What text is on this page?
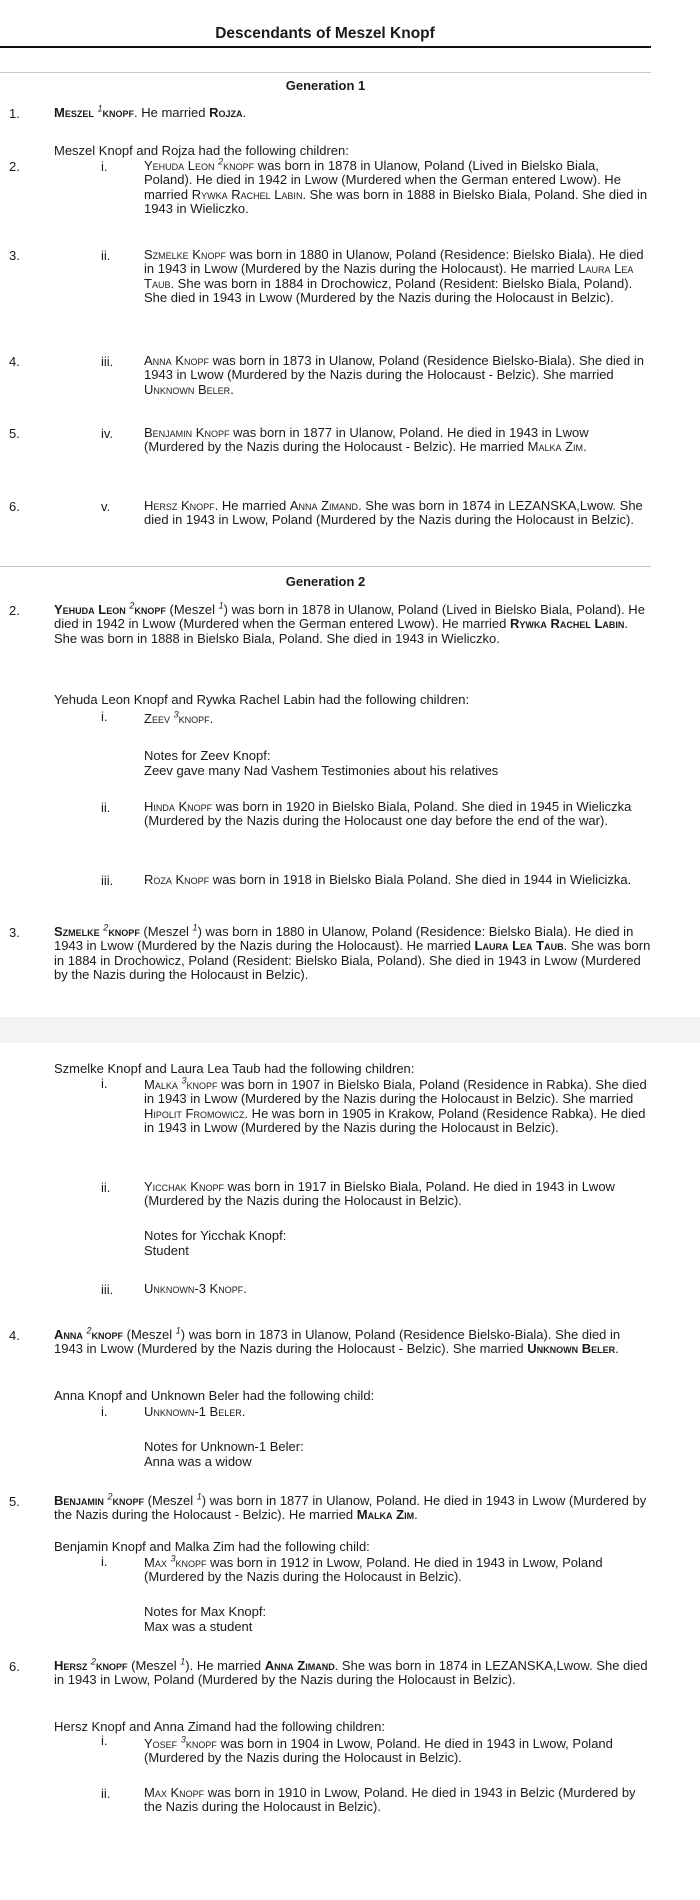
Descendants of Meszel Knopf
Generation 1
1.	Meszel $^1$knopf. He married Rojza.
Meszel Knopf and Rojza had the following children:
2.	i.	Yehuda Leon $^2$knopf was born in 1878 in Ulanow, Poland (Lived in Bielsko Biala, Poland). He died in 1942 in Lwow (Murdered when the German entered Lwow). He married Rywka Rachel Labin. She was born in 1888 in Bielsko Biala, Poland. She died in 1943 in Wieliczko.
3.	ii.	Szmelke Knopf was born in 1880 in Ulanow, Poland (Residence: Bielsko Biala). He died in 1943 in Lwow (Murdered by the Nazis during the Holocaust). He married Laura Lea Taub. She was born in 1884 in Drochowicz, Poland (Resident: Bielsko Biala, Poland). She died in 1943 in Lwow (Murdered by the Nazis during the Holocaust in Belzic).
4.	iii. Anna Knopf was born in 1873 in Ulanow, Poland (Residence Bielsko-Biala). She died in 1943 in Lwow (Murdered by the Nazis during the Holocaust - Belzic). She married Unknown Beler.
5.	iv. Benjamin Knopf was born in 1877 in Ulanow, Poland. He died in 1943 in Lwow (Murdered by the Nazis during the Holocaust - Belzic). He married Malka Zim.
6.	v.	Hersz Knopf. He married Anna Zimand. She was born in 1874 in LEZANSKA,Lwow. She died in 1943 in Lwow, Poland (Murdered by the Nazis during the Holocaust in Belzic).
Generation 2
2.	Yehuda Leon $^2$knopf (Meszel $^1$) was born in 1878 in Ulanow, Poland (Lived in Bielsko Biala, Poland). He died in 1942 in Lwow (Murdered when the German entered Lwow). He married Rywka Rachel Labin. She was born in 1888 in Bielsko Biala, Poland. She died in 1943 in Wieliczko.
Yehuda Leon Knopf and Rywka Rachel Labin had the following children:
i.	Zeev $^3$knopf.
Notes for Zeev Knopf:
Zeev gave many Nad Vashem Testimonies about his relatives
ii.	Hinda Knopf was born in 1920 in Bielsko Biala, Poland. She died in 1945 in Wieliczka (Murdered by the Nazis during the Holocaust one day before the end of the war).
iii. Roza Knopf was born in 1918 in Bielsko Biala Poland. She died in 1944 in Wielicizka.
3.	Szmelke $^2$knopf (Meszel $^1$) was born in 1880 in Ulanow, Poland (Residence: Bielsko Biala). He died in 1943 in Lwow (Murdered by the Nazis during the Holocaust). He married Laura Lea Taub. She was born in 1884 in Drochowicz, Poland (Resident: Bielsko Biala, Poland). She died in 1943 in Lwow (Murdered by the Nazis during the Holocaust in Belzic).
Szmelke Knopf and Laura Lea Taub had the following children:
i.	Malka $^3$knopf was born in 1907 in Bielsko Biala, Poland (Residence in Rabka). She died in 1943 in Lwow (Murdered by the Nazis during the Holocaust in Belzic). She married Hipolit Fromowicz. He was born in 1905 in Krakow, Poland (Residence Rabka). He died in 1943 in Lwow (Murdered by the Nazis during the Holocaust in Belzic).
ii.	Yicchak Knopf was born in 1917 in Bielsko Biala, Poland. He died in 1943 in Lwow (Murdered by the Nazis during the Holocaust in Belzic).
Notes for Yicchak Knopf:
Student
iii. Unknown-3 Knopf.
4.	Anna $^2$knopf (Meszel $^1$) was born in 1873 in Ulanow, Poland (Residence Bielsko-Biala). She died in 1943 in Lwow (Murdered by the Nazis during the Holocaust - Belzic). She married Unknown Beler.
Anna Knopf and Unknown Beler had the following child:
i.	Unknown-1 Beler.
Notes for Unknown-1 Beler:
Anna was a widow
5.	Benjamin $^2$knopf (Meszel $^1$) was born in 1877 in Ulanow, Poland. He died in 1943 in Lwow (Murdered by the Nazis during the Holocaust - Belzic). He married Malka Zim.
Benjamin Knopf and Malka Zim had the following child:
i.	Max $^3$knopf was born in 1912 in Lwow, Poland. He died in 1943 in Lwow, Poland (Murdered by the Nazis during the Holocaust in Belzic).
Notes for Max Knopf:
Max was a student
6.	Hersz $^2$knopf (Meszel $^1$). He married Anna Zimand. She was born in 1874 in LEZANSKA,Lwow. She died in 1943 in Lwow, Poland (Murdered by the Nazis during the Holocaust in Belzic).
Hersz Knopf and Anna Zimand had the following children:
i.	Yosef $^3$knopf was born in 1904 in Lwow, Poland. He died in 1943 in Lwow, Poland (Murdered by the Nazis during the Holocaust in Belzic).
ii.	Max Knopf was born in 1910 in Lwow, Poland. He died in 1943 in Belzic (Murdered by the Nazis during the Holocaust in Belzic).
